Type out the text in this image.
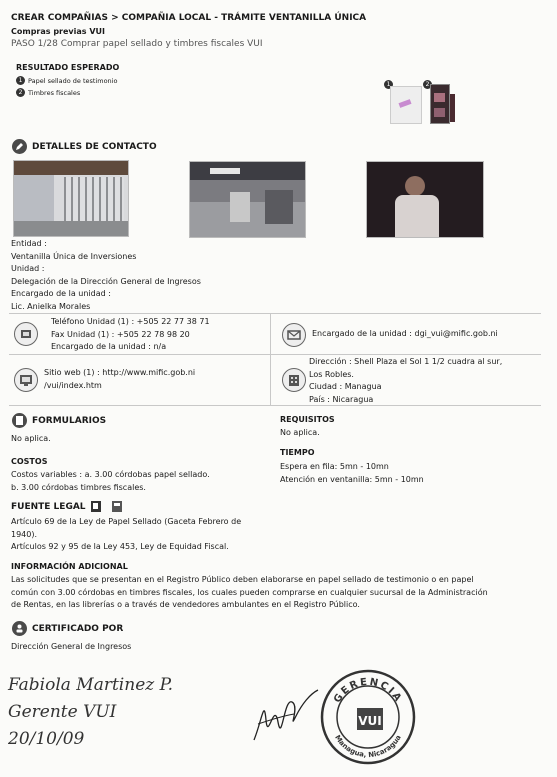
CREAR COMPAÑIAS > COMPAÑIA LOCAL - TRÁMITE VENTANILLA ÚNICA
Compras previas VUI
PASO 1/28 Comprar papel sellado y timbres fiscales VUI
RESULTADO ESPERADO
1 Papel sellado de testimonio
2 Timbres fiscales
1	2
DETALLES DE CONTACTO
Entidad :
Ventanilla Única de Inversiones
Unidad :
Delegación de la Dirección General de Ingresos
Encargado de la unidad :
Lic. Anielka Morales
Teléfono Unidad (1) : +505 22 77 38 71
Fax Unidad (1) : +505 22 78 98 20
Encargado de la unidad : n/a
Encargado de la unidad : dgi_vui@mific.gob.ni
Sitio web (1) : http://www.mific.gob.ni
/vui/index.htm
Dirección : Shell Plaza el Sol 1 1/2 cuadra al sur,
Los Robles.
Ciudad : Managua
País : Nicaragua
FORMULARIOS
No aplica.
REQUISITOS
No aplica.
TIEMPO
Espera en fila: 5mn - 10mn
Atención en ventanilla: 5mn - 10mn
COSTOS
Costos variables : a. 3.00 córdobas papel sellado.
b. 3.00 córdobas timbres fiscales.
FUENTE LEGAL
Artículo 69 de la Ley de Papel Sellado (Gaceta Febrero de
1940).
Artículos 92 y 95 de la Ley 453, Ley de Equidad Fiscal.
INFORMACIÓN ADICIONAL
Las solicitudes que se presentan en el Registro Público deben elaborarse en papel sellado de testimonio o en papel
común con 3.00 córdobas en timbres fiscales, los cuales pueden comprarse en cualquier sucursal de la Administración
de Rentas, en las librerías o a través de vendedores ambulantes en el Registro Público.
CERTIFICADO POR
Dirección General de Ingresos
Fabiola Martinez P.
Gerente VUI
20/10/09
GERENCIA
Managua, Nicaragua
VUI
